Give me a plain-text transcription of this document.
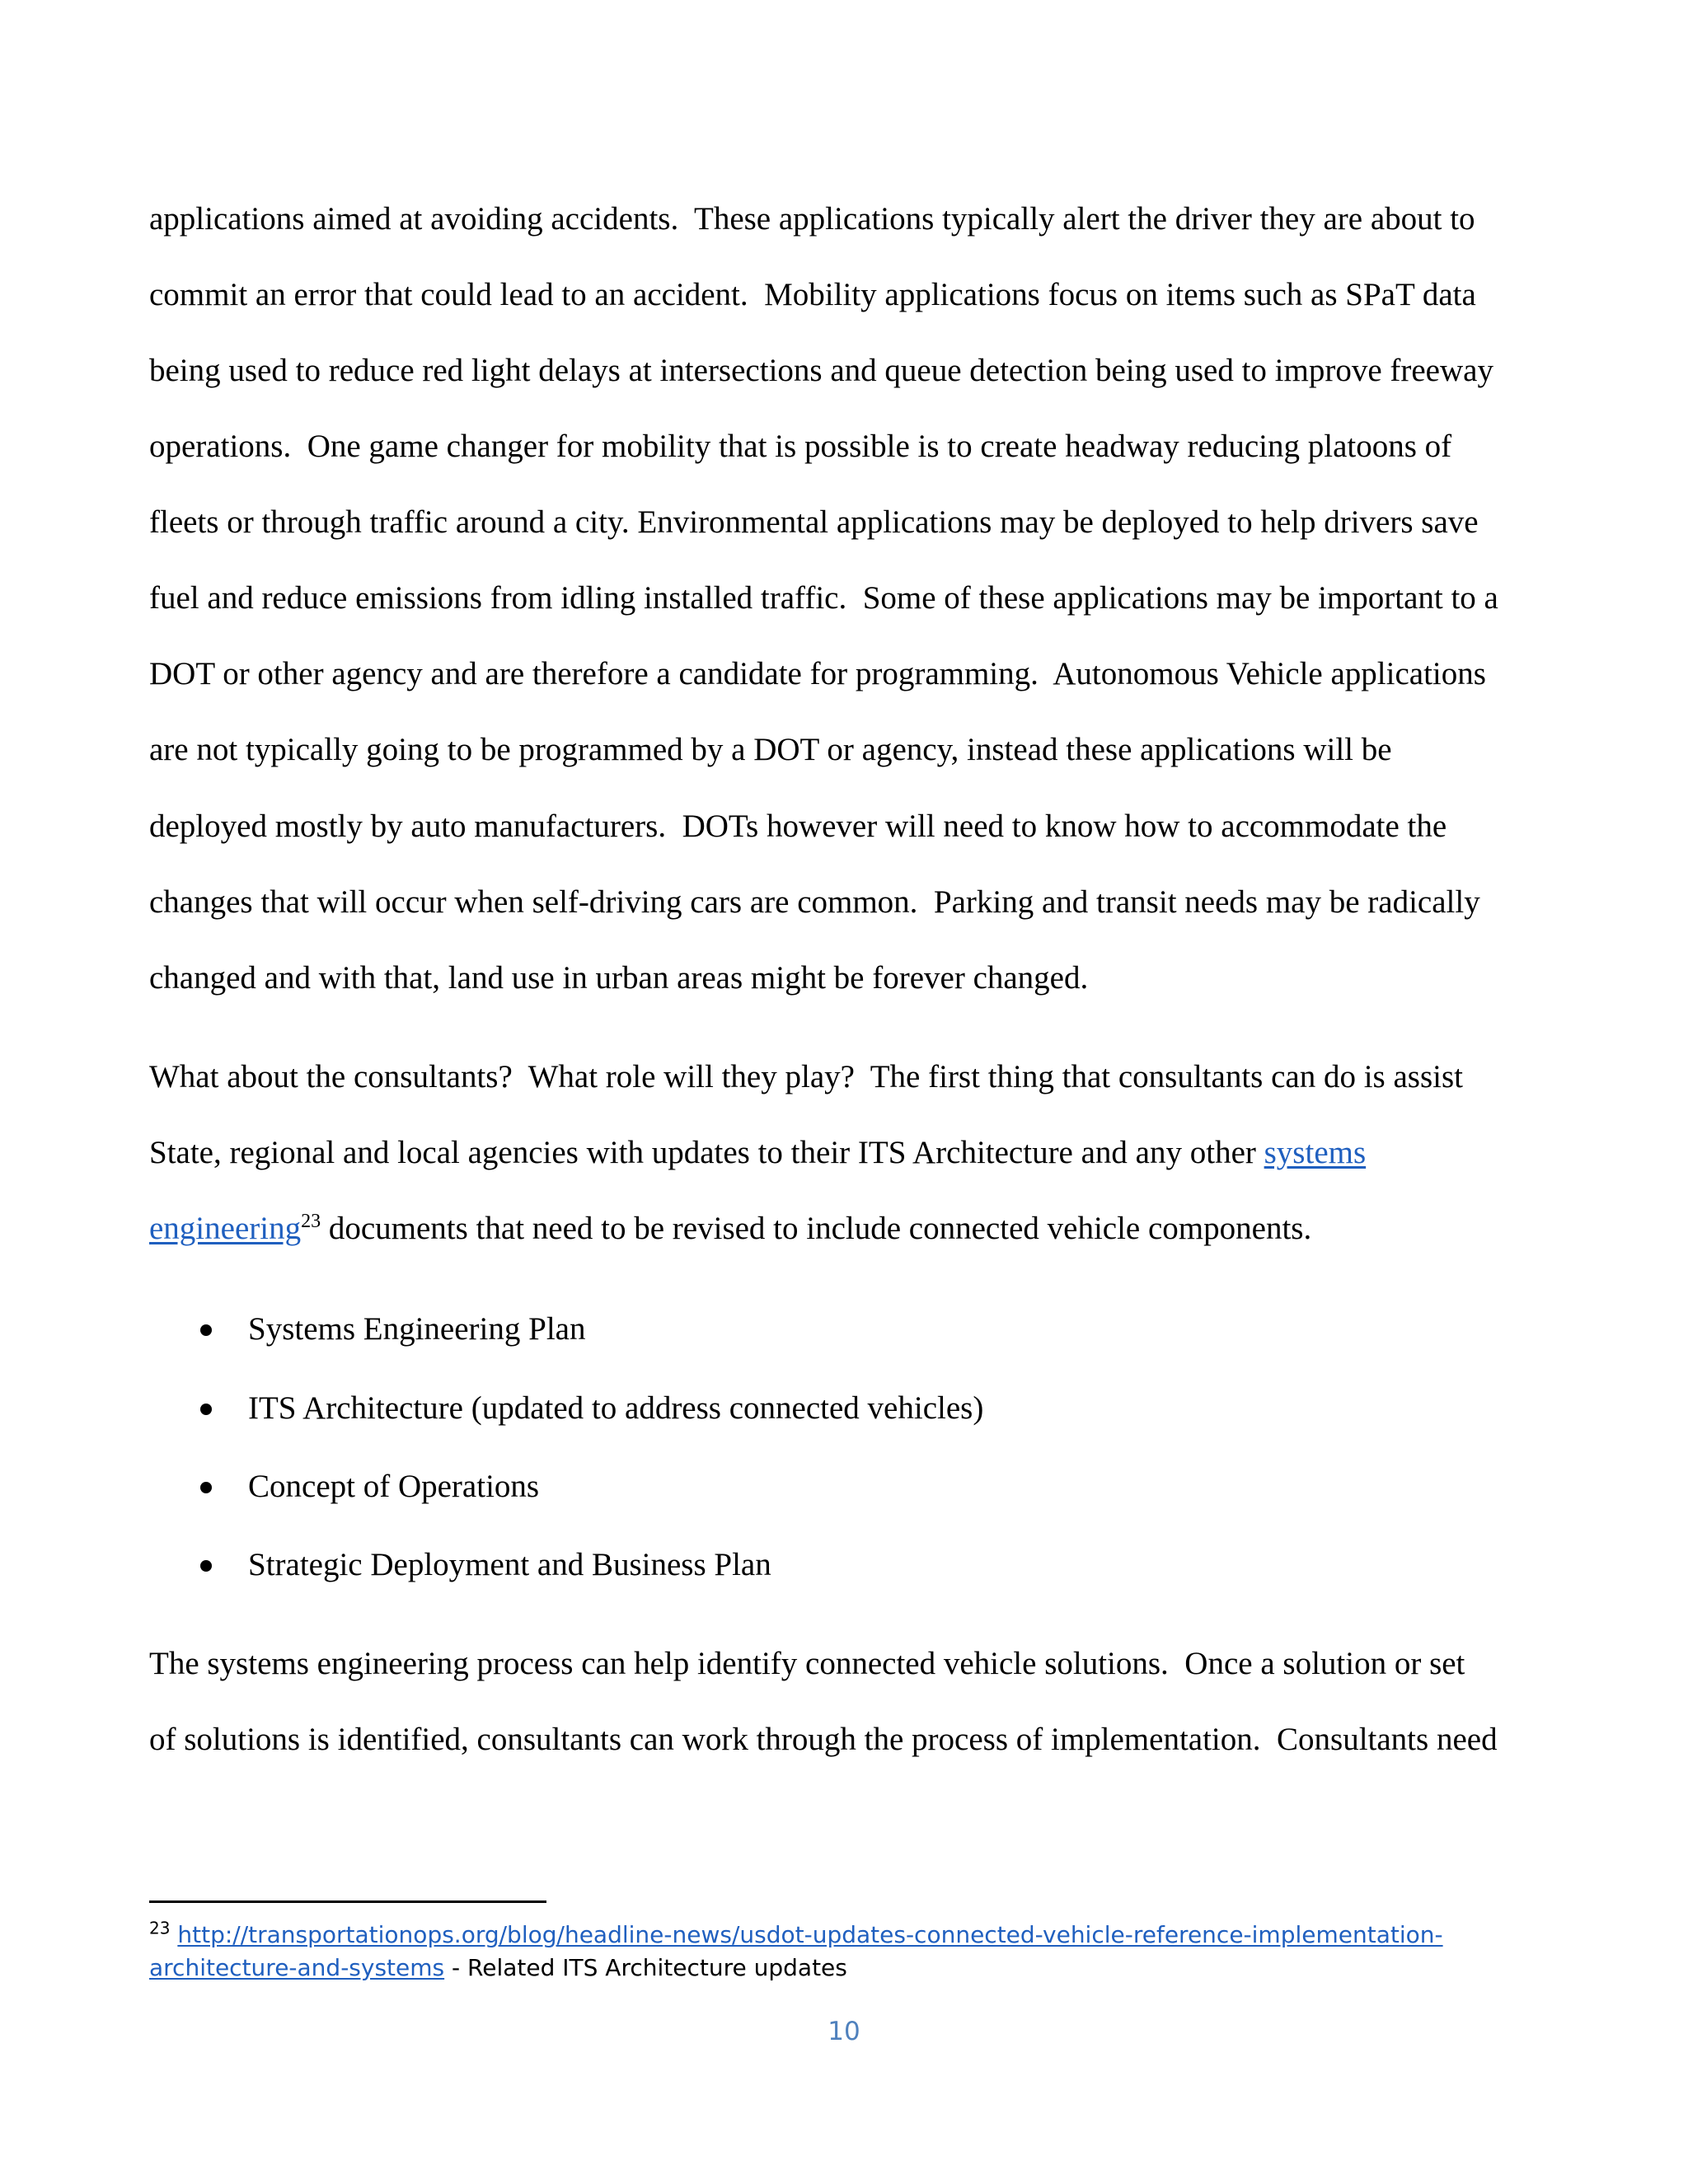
applications aimed at avoiding accidents.  These applications typically alert the driver they are about to
commit an error that could lead to an accident.  Mobility applications focus on items such as SPaT data
being used to reduce red light delays at intersections and queue detection being used to improve freeway
operations.  One game changer for mobility that is possible is to create headway reducing platoons of
fleets or through traffic around a city. Environmental applications may be deployed to help drivers save
fuel and reduce emissions from idling installed traffic.  Some of these applications may be important to a
DOT or other agency and are therefore a candidate for programming.  Autonomous Vehicle applications
are not typically going to be programmed by a DOT or agency, instead these applications will be
deployed mostly by auto manufacturers.  DOTs however will need to know how to accommodate the
changes that will occur when self-driving cars are common.  Parking and transit needs may be radically
changed and with that, land use in urban areas might be forever changed.
What about the consultants?  What role will they play?  The first thing that consultants can do is assist
State, regional and local agencies with updates to their ITS Architecture and any other systems
engineering$^{23}$ documents that need to be revised to include connected vehicle components.
Systems Engineering Plan
ITS Architecture (updated to address connected vehicles)
Concept of Operations
Strategic Deployment and Business Plan
The systems engineering process can help identify connected vehicle solutions.  Once a solution or set
of solutions is identified, consultants can work through the process of implementation.  Consultants need
$^{23}$ http://transportationops.org/blog/headline-news/usdot-updates-connected-vehicle-reference-implementation-
architecture-and-systems - Related ITS Architecture updates
10
